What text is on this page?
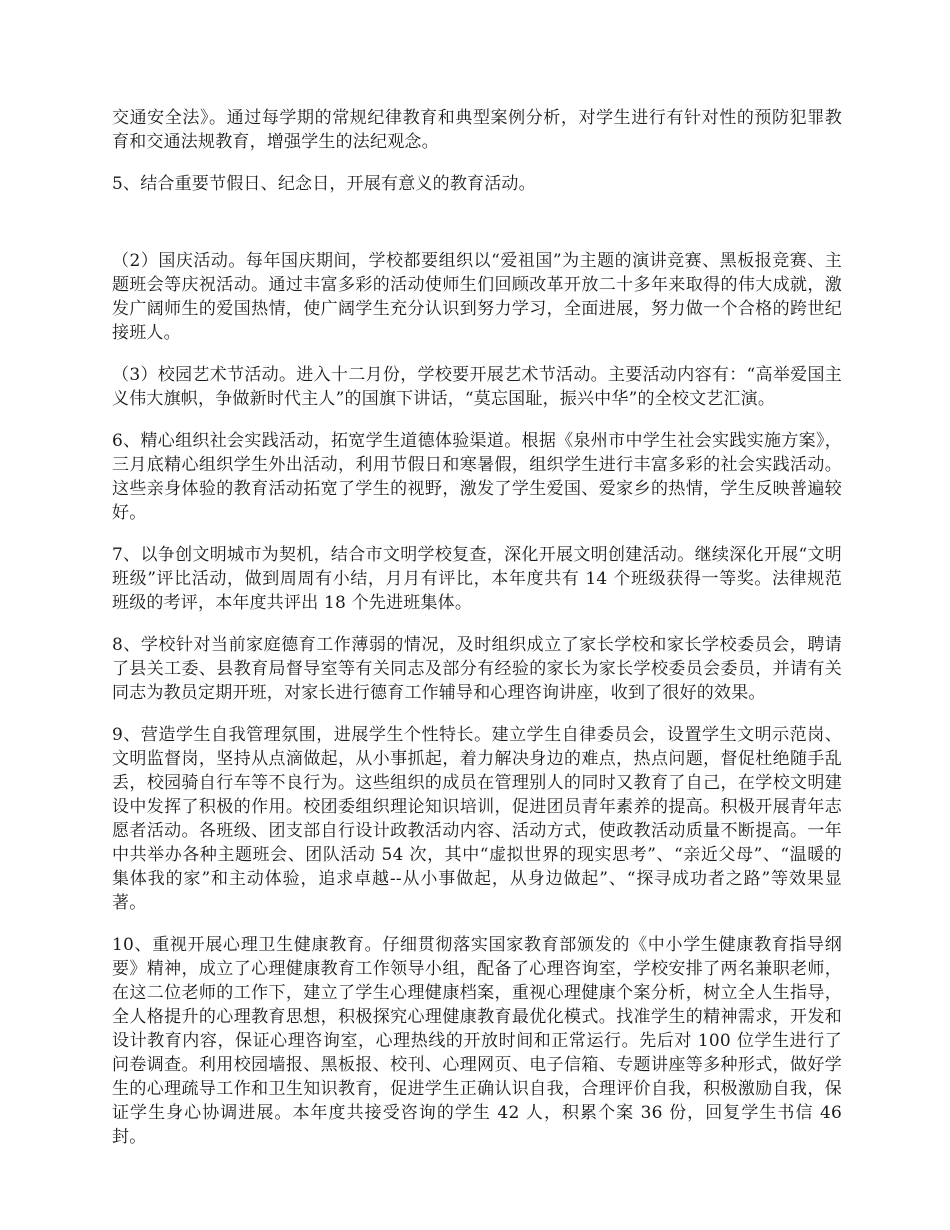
交通安全法》。通过每学期的常规纪律教育和典型案例分析，对学生进行有针对性的预防犯罪教育和交通法规教育，增强学生的法纪观念。

5、结合重要节假日、纪念日，开展有意义的教育活动。

（2）国庆活动。每年国庆期间，学校都要组织以“爱祖国”为主题的演讲竞赛、黑板报竞赛、主题班会等庆祝活动。通过丰富多彩的活动使师生们回顾改革开放二十多年来取得的伟大成就，激发广阔师生的爱国热情，使广阔学生充分认识到努力学习，全面进展，努力做一个合格的跨世纪接班人。

（3）校园艺术节活动。进入十二月份，学校要开展艺术节活动。主要活动内容有：“高举爱国主义伟大旗帜，争做新时代主人”的国旗下讲话，“莫忘国耻，振兴中华”的全校文艺汇演。

6、精心组织社会实践活动，拓宽学生道德体验渠道。根据《泉州市中学生社会实践实施方案》，三月底精心组织学生外出活动，利用节假日和寒暑假，组织学生进行丰富多彩的社会实践活动。这些亲身体验的教育活动拓宽了学生的视野，激发了学生爱国、爱家乡的热情，学生反映普遍较好。

7、以争创文明城市为契机，结合市文明学校复查，深化开展文明创建活动。继续深化开展“文明班级”评比活动，做到周周有小结，月月有评比，本年度共有 14 个班级获得一等奖。法律规范班级的考评，本年度共评出 18 个先进班集体。

8、学校针对当前家庭德育工作薄弱的情况，及时组织成立了家长学校和家长学校委员会，聘请了县关工委、县教育局督导室等有关同志及部分有经验的家长为家长学校委员会委员，并请有关同志为教员定期开班，对家长进行德育工作辅导和心理咨询讲座，收到了很好的效果。

9、营造学生自我管理氛围，进展学生个性特长。建立学生自律委员会，设置学生文明示范岗、文明监督岗，坚持从点滴做起，从小事抓起，着力解决身边的难点，热点问题，督促杜绝随手乱丢，校园骑自行车等不良行为。这些组织的成员在管理别人的同时又教育了自己，在学校文明建设中发挥了积极的作用。校团委组织理论知识培训，促进团员青年素养的提高。积极开展青年志愿者活动。各班级、团支部自行设计政教活动内容、活动方式，使政教活动质量不断提高。一年中共举办各种主题班会、团队活动 54 次，其中“虚拟世界的现实思考”、“亲近父母”、“温暖的集体我的家”和主动体验，追求卓越--从小事做起，从身边做起”、“探寻成功者之路”等效果显著。

10、重视开展心理卫生健康教育。仔细贯彻落实国家教育部颁发的《中小学生健康教育指导纲要》精神，成立了心理健康教育工作领导小组，配备了心理咨询室，学校安排了两名兼职老师，在这二位老师的工作下，建立了学生心理健康档案，重视心理健康个案分析，树立全人生指导，全人格提升的心理教育思想，积极探究心理健康教育最优化模式。找准学生的精神需求，开发和设计教育内容，保证心理咨询室，心理热线的开放时间和正常运行。先后对 100 位学生进行了问卷调查。利用校园墙报、黑板报、校刊、心理网页、电子信箱、专题讲座等多种形式，做好学生的心理疏导工作和卫生知识教育，促进学生正确认识自我，合理评价自我，积极激励自我，保证学生身心协调进展。本年度共接受咨询的学生 42 人，积累个案 36 份，回复学生书信 46 封。
